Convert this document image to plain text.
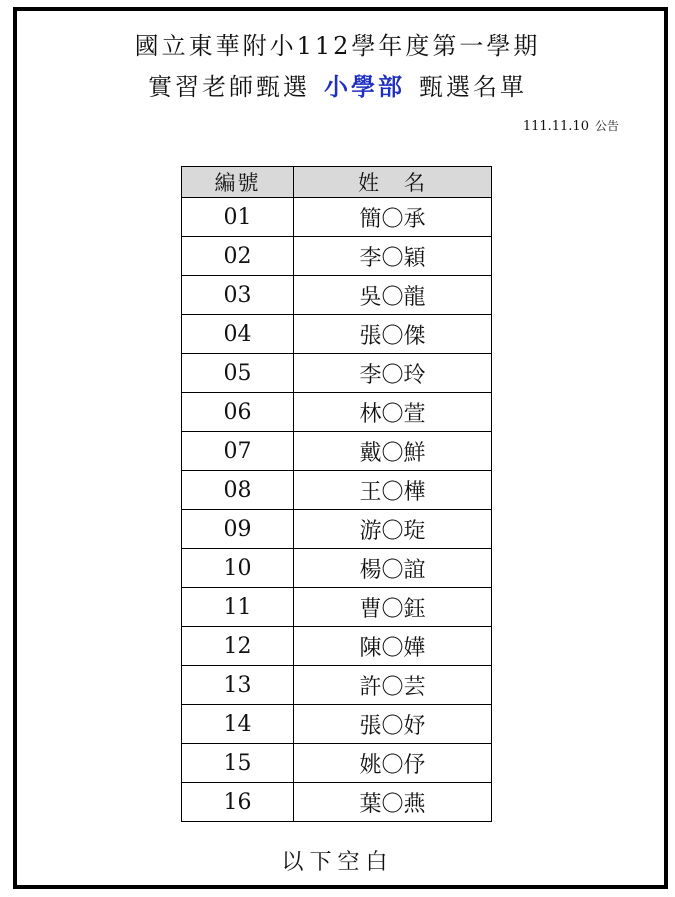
國立東華附小112學年度第一學期
實習老師甄選 小學部 甄選名單
111.11.10 公告
編號	姓　名
01	簡〇承
02	李〇穎
03	吳〇龍
04	張〇傑
05	李〇玲
06	林〇萱
07	戴〇鮮
08	王〇樺
09	游〇琁
10	楊〇誼
11	曹〇鈺
12	陳〇嬅
13	許〇芸
14	張〇妤
15	姚〇伃
16	葉〇燕
以下空白
